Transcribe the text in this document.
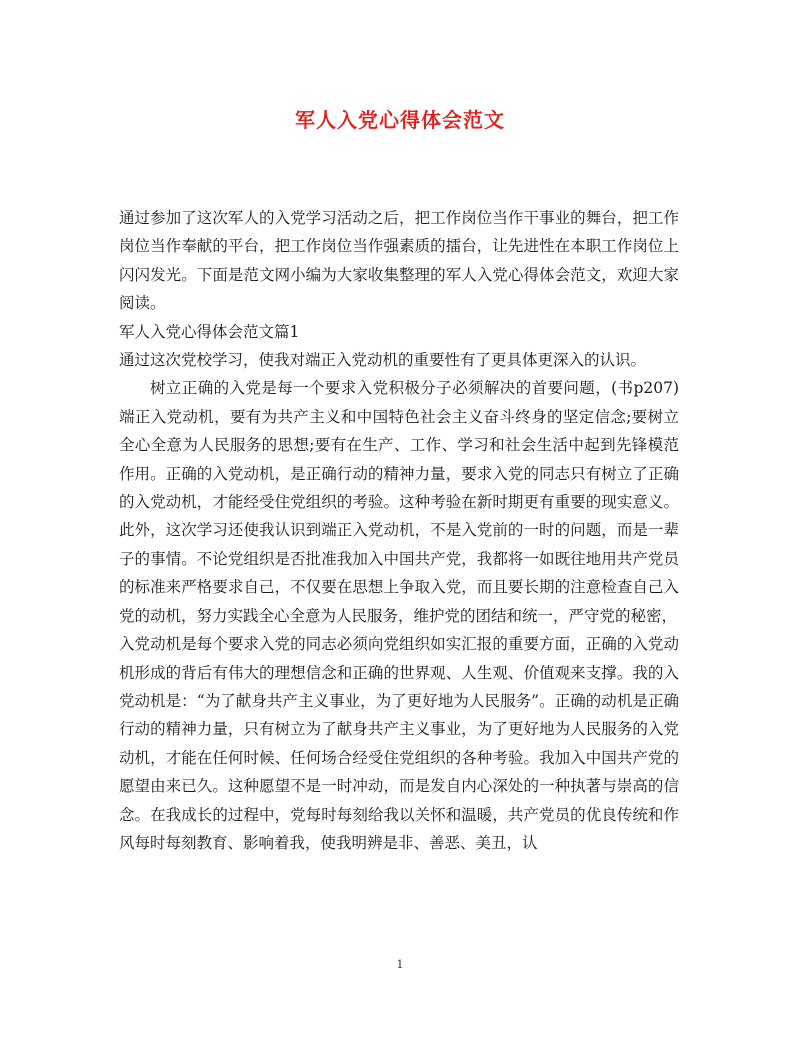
军人入党心得体会范文

通过参加了这次军人的入党学习活动之后，把工作岗位当作干事业的舞台，把工作岗位当作奉献的平台，把工作岗位当作强素质的擂台，让先进性在本职工作岗位上闪闪发光。下面是范文网小编为大家收集整理的军人入党心得体会范文，欢迎大家阅读。

军人入党心得体会范文篇1

通过这次党校学习，使我对端正入党动机的重要性有了更具体更深入的认识。

树立正确的入党是每一个要求入党积极分子必须解决的首要问题，(书p207)端正入党动机，要有为共产主义和中国特色社会主义奋斗终身的坚定信念;要树立全心全意为人民服务的思想;要有在生产、工作、学习和社会生活中起到先锋模范作用。正确的入党动机，是正确行动的精神力量，要求入党的同志只有树立了正确的入党动机，才能经受住党组织的考验。这种考验在新时期更有重要的现实意义。此外，这次学习还使我认识到端正入党动机，不是入党前的一时的问题，而是一辈子的事情。不论党组织是否批准我加入中国共产党，我都将一如既往地用共产党员的标准来严格要求自己，不仅要在思想上争取入党，而且要长期的注意检查自己入党的动机，努力实践全心全意为人民服务，维护党的团结和统一，严守党的秘密，

入党动机是每个要求入党的同志必须向党组织如实汇报的重要方面，正确的入党动机形成的背后有伟大的理想信念和正确的世界观、人生观、价值观来支撑。我的入党动机是：“为了献身共产主义事业，为了更好地为人民服务”。正确的动机是正确行动的精神力量，只有树立为了献身共产主义事业，为了更好地为人民服务的入党动机，才能在任何时候、任何场合经受住党组织的各种考验。我加入中国共产党的愿望由来已久。这种愿望不是一时冲动，而是发自内心深处的一种执著与崇高的信念。在我成长的过程中，党每时每刻给我以关怀和温暖，共产党员的优良传统和作风每时每刻教育、影响着我，使我明辨是非、善恶、美丑，认

1
